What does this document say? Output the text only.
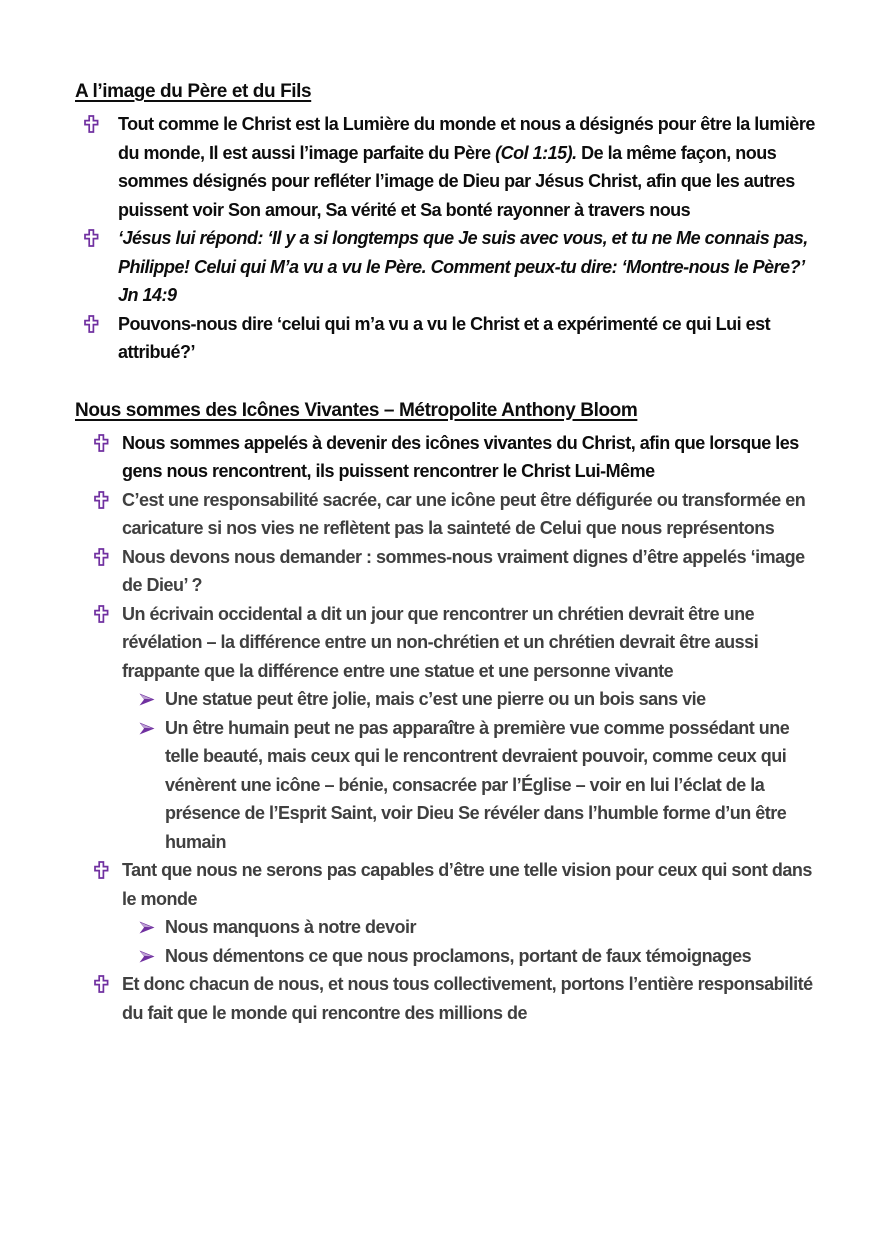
A l’image du Père et du Fils
Tout comme le Christ est la Lumière du monde et nous a désignés pour être la lumière du monde, Il est aussi l’image parfaite du Père (Col 1:15). De la même façon, nous sommes désignés pour refléter l’image de Dieu par Jésus Christ, afin que les autres puissent voir Son amour, Sa vérité et Sa bonté rayonner à travers nous
‘Jésus lui répond: ‘Il y a si longtemps que Je suis avec vous, et tu ne Me connais pas, Philippe! Celui qui M’a vu a vu le Père. Comment peux-tu dire: ‘Montre-nous le Père?’ Jn 14:9
Pouvons-nous dire ‘celui qui m’a vu a vu le Christ et a expérimenté ce qui Lui est attribué?’
Nous sommes des Icônes Vivantes – Métropolite Anthony Bloom
Nous sommes appelés à devenir des icônes vivantes du Christ, afin que lorsque les gens nous rencontrent, ils puissent rencontrer le Christ Lui-Même
C’est une responsabilité sacrée, car une icône peut être défigurée ou transformée en caricature si nos vies ne reflètent pas la sainteté de Celui que nous représentons
Nous devons nous demander : sommes-nous vraiment dignes d’être appelés ‘image de Dieu’ ?
Un écrivain occidental a dit un jour que rencontrer un chrétien devrait être une révélation – la différence entre un non-chrétien et un chrétien devrait être aussi frappante que la différence entre une statue et une personne vivante
Une statue peut être jolie, mais c’est une pierre ou un bois sans vie
Un être humain peut ne pas apparaître à première vue comme possédant une telle beauté, mais ceux qui le rencontrent devraient pouvoir, comme ceux qui vénèrent une icône – bénie, consacrée par l’Église – voir en lui l’éclat de la présence de l’Esprit Saint, voir Dieu Se révéler dans l’humble forme d’un être humain
Tant que nous ne serons pas capables d’être une telle vision pour ceux qui sont dans le monde
Nous manquons à notre devoir
Nous démentons ce que nous proclamons, portant de faux témoignages
Et donc chacun de nous, et nous tous collectivement, portons l’entière responsabilité du fait que le monde qui rencontre des millions de
